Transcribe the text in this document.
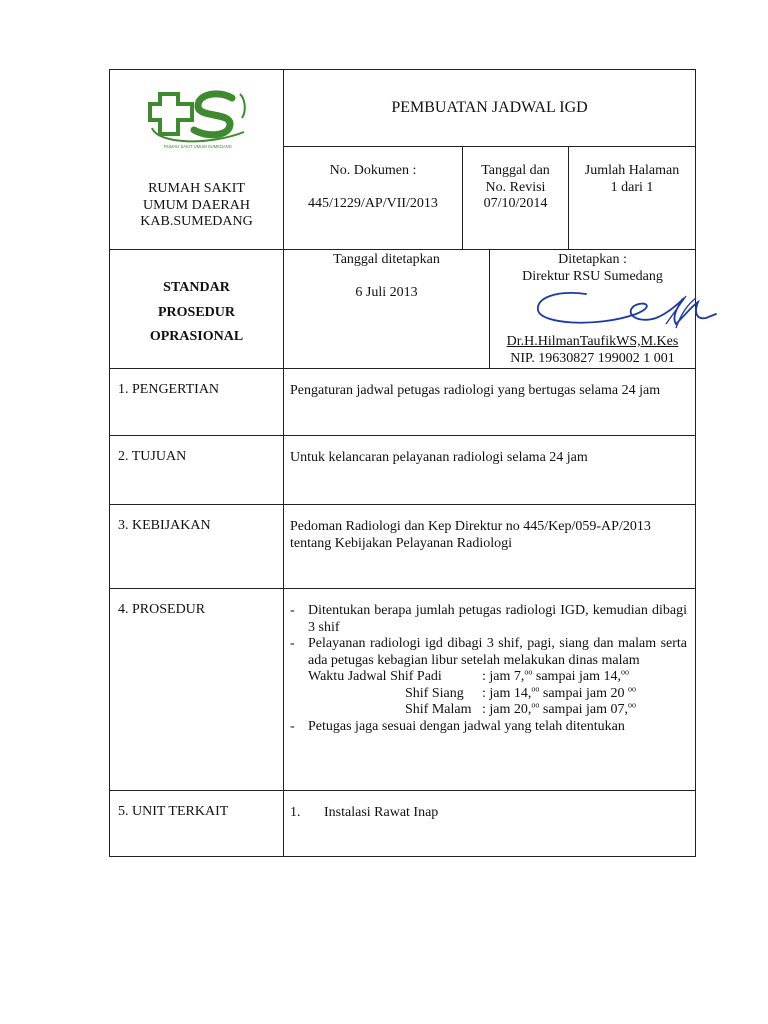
RUMAH SAKIT UMUM SUMEDANG
RUMAH SAKIT
UMUM DAERAH
KAB.SUMEDANG
	PEMBUATAN JADWAL IGD

No. Dokumen :
445/1229/AP/VII/2013

Tanggal dan
No. Revisi
07/10/2014

Jumlah Halaman
1 dari 1

STANDAR
PROSEDUR
OPRASIONAL

Tanggal ditetapkan
6 Juli 2013

Ditetapkan :
Direktur RSU Sumedang
Dr.H.HilmanTaufikWS,M.Kes
NIP. 19630827 199002 1 001

1. PENGERTIAN	Pengaturan jadwal petugas radiologi yang bertugas selama 24 jam
2. TUJUAN	Untuk kelancaran pelayanan radiologi selama 24 jam
3. KEBIJAKAN	Pedoman Radiologi dan Kep Direktur no 445/Kep/059-AP/2013 tentang Kebijakan Pelayanan Radiologi
4. PROSEDUR	
-Ditentukan berapa jumlah petugas radiologi IGD, kemudian dibagi 3 shif
- Pelayanan radiologi igd dibagi 3 shif, pagi, siang dan malam serta ada petugas kebagian libur setelah melakukan dinas malam
Waktu Jadwal Shif Padi	: jam 7,$^{oo}$ sampai jam 14,$^{oo}$
Shif Siang : jam 14,$^{oo}$ sampai jam 20 $^{oo}$
Shif Malam : jam 20,$^{oo}$ sampai jam 07,$^{oo}$
- Petugas jaga sesuai dengan jadwal yang telah ditentukan

5. UNIT TERKAIT	1.	Instalasi Rawat Inap
